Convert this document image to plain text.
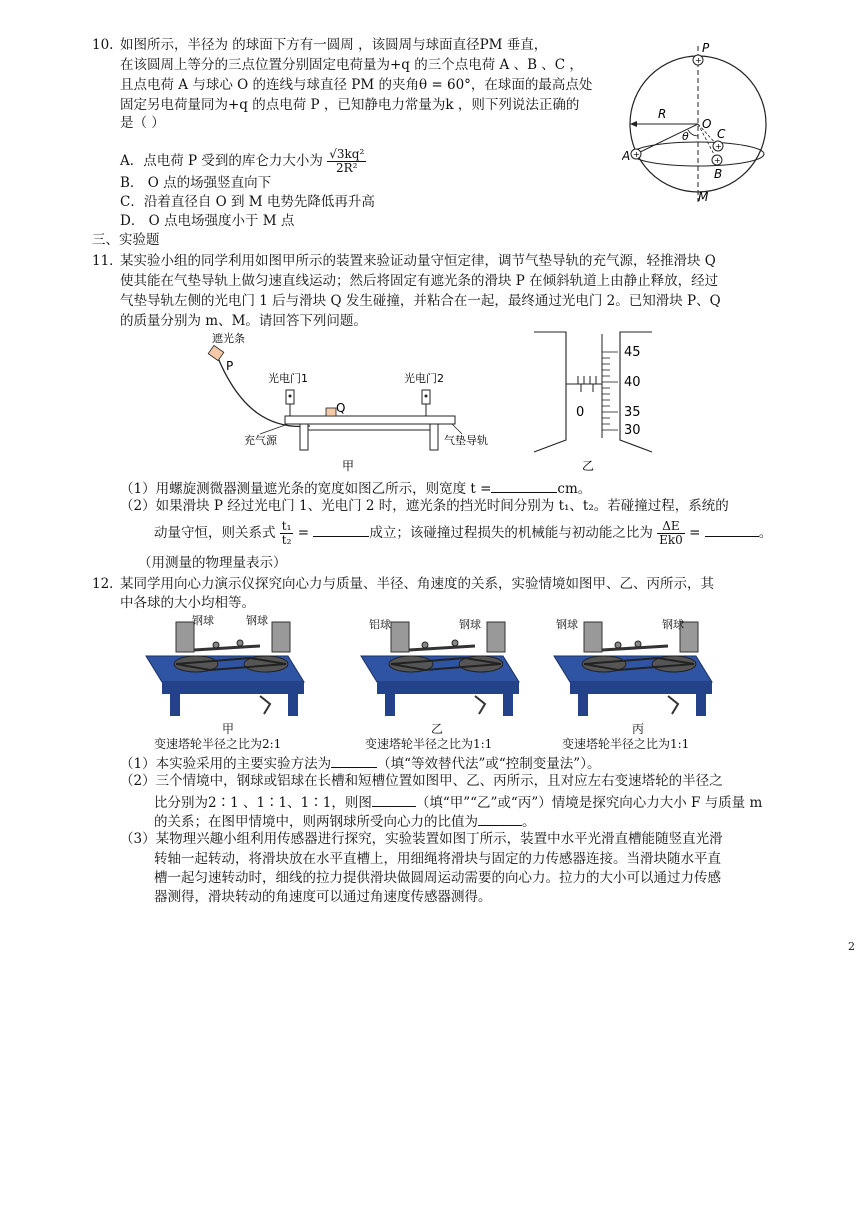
10. 如图所示，半径为 的球面下方有一圆周 ，该圆周与球面直径PM 垂直，
在该圆周上等分的三点位置分别固定电荷量为+q 的三个点电荷 A 、B 、C ，
且点电荷 A 与球心 O 的连线与球直径 PM 的夹角θ = 60°，在球面的最高点处
固定另电荷量同为+q 的点电荷 P ，已知静电力常量为k ，则下列说法正确的
是（ ）
A．点电荷 P 受到的库仑力大小为 $\frac{\text{√3kq²}}{\text{2R²}}$
B． O 点的场强竖直向下
C．沿着直径自 O 到 M 电势先降低再升高
D． O 点电场强度小于 M 点
+
+
+
+
P
R
O
θ C
A
B
M
三、实验题
11．
某实验小组的同学利用如图甲所示的装置来验证动量守恒定律，调节气垫导轨的充气源，轻推滑块 Q
使其能在气垫导轨上做匀速直线运动；然后将固定有遮光条的滑块 P 在倾斜轨道上由静止释放，经过
气垫导轨左侧的光电门 1 后与滑块 Q 发生碰撞，并粘合在一起，最终通过光电门 2。已知滑块 P、Q
的质量分别为 m、M。请回答下列问题。
遮光条
P
光电门1	光电门2
Q
充气源	气垫导轨
甲
45
40
35
30
0
乙
（1）用螺旋测微器测量遮光条的宽度如图乙所示，则宽度 t =	cm。
（2）如果滑块 P 经过光电门 1、光电门 2 时，遮光条的挡光时间分别为 t₁、t₂。若碰撞过程，系统的
动量守恒，则关系式 $\frac{\text{t₁}}{\text{t₂}}$ =	成立；该碰撞过程损失的机械能与初动能之比为 $\frac{\Delta E}{Ek0}$ =	。
（用测量的物理量表示）
12．
某同学用向心力演示仪探究向心力与质量、半径、角速度的关系，实验情境如图甲、乙、丙所示，其
中各球的大小均相等。
钢球	钢球
甲
变速塔轮半径之比为2:1
铝球	钢球
乙
变速塔轮半径之比为1:1
钢球	钢球
丙
变速塔轮半径之比为1:1
（1）本实验采用的主要实验方法为	（填“等效替代法”或“控制变量法”）。
（2）三个情境中，钢球或铝球在长槽和短槽位置如图甲、乙、丙所示，且对应左右变速塔轮的半径之
比分别为2∶1 、1∶1、1∶1，则图	（填“甲”“乙”或“丙”）情境是探究向心力大小 F 与质量 m
的关系；在图甲情境中，则两钢球所受向心力的比值为	。
（3）某物理兴趣小组利用传感器进行探究，实验装置如图丁所示，装置中水平光滑直槽能随竖直光滑
转轴一起转动，将滑块放在水平直槽上，用细绳将滑块与固定的力传感器连接。当滑块随水平直
槽一起匀速转动时，细线的拉力提供滑块做圆周运动需要的向心力。拉力的大小可以通过力传感
器测得，滑块转动的角速度可以通过角速度传感器测得。
2
